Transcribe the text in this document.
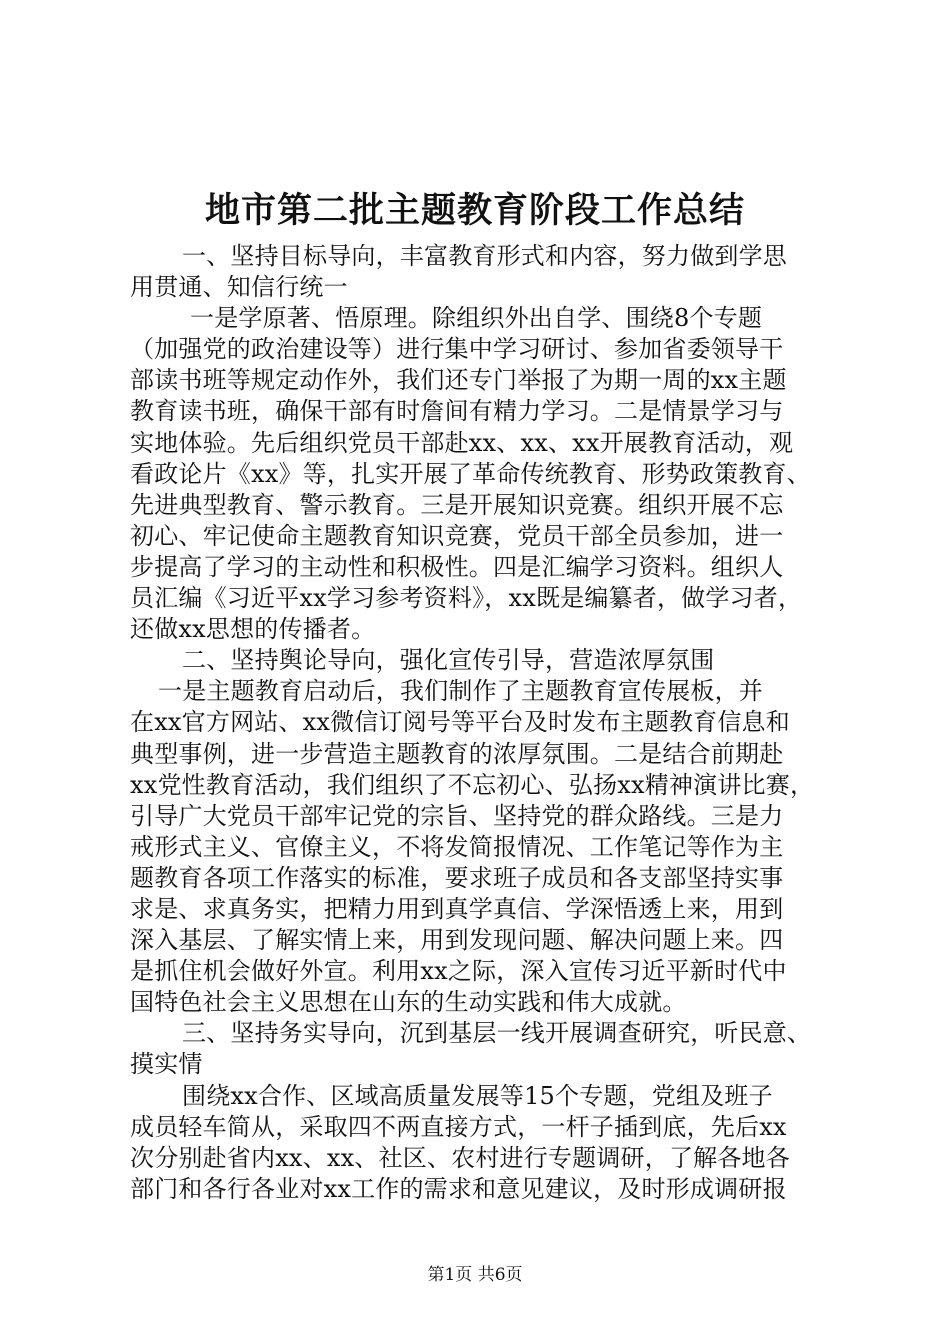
地市第二批主题教育阶段工作总结
一、坚持目标导向，丰富教育形式和内容，努力做到学思
用贯通、知信行统一
一是学原著、悟原理。除组织外出自学、围绕8个专题
（加强党的政治建设等）进行集中学习研讨、参加省委领导干
部读书班等规定动作外，我们还专门举报了为期一周的xx主题
教育读书班，确保干部有时詹间有精力学习。二是情景学习与
实地体验。先后组织党员干部赴xx、xx、xx开展教育活动，观
看政论片《xx》等，扎实开展了革命传统教育、形势政策教育、
先进典型教育、警示教育。三是开展知识竞赛。组织开展不忘
初心、牢记使命主题教育知识竞赛，党员干部全员参加，进一
步提高了学习的主动性和积极性。四是汇编学习资料。组织人
员汇编《习近平xx学习参考资料》，xx既是编纂者，做学习者，
还做xx思想的传播者。
二、坚持舆论导向，强化宣传引导，营造浓厚氛围
一是主题教育启动后，我们制作了主题教育宣传展板，并
在xx官方网站、xx微信订阅号等平台及时发布主题教育信息和
典型事例，进一步营造主题教育的浓厚氛围。二是结合前期赴
xx党性教育活动，我们组织了不忘初心、弘扬xx精神演讲比赛，
引导广大党员干部牢记党的宗旨、坚持党的群众路线。三是力
戒形式主义、官僚主义，不将发简报情况、工作笔记等作为主
题教育各项工作落实的标准，要求班子成员和各支部坚持实事
求是、求真务实，把精力用到真学真信、学深悟透上来，用到
深入基层、了解实情上来，用到发现问题、解决问题上来。四
是抓住机会做好外宣。利用xx之际，深入宣传习近平新时代中
国特色社会主义思想在山东的生动实践和伟大成就。
三、坚持务实导向，沉到基层一线开展调查研究，听民意、
摸实情
围绕xx合作、区域高质量发展等15个专题，党组及班子
成员轻车简从，采取四不两直接方式，一杆子插到底，先后xx
次分别赴省内xx、xx、社区、农村进行专题调研，了解各地各
部门和各行各业对xx工作的需求和意见建议，及时形成调研报
第1页 共6页
